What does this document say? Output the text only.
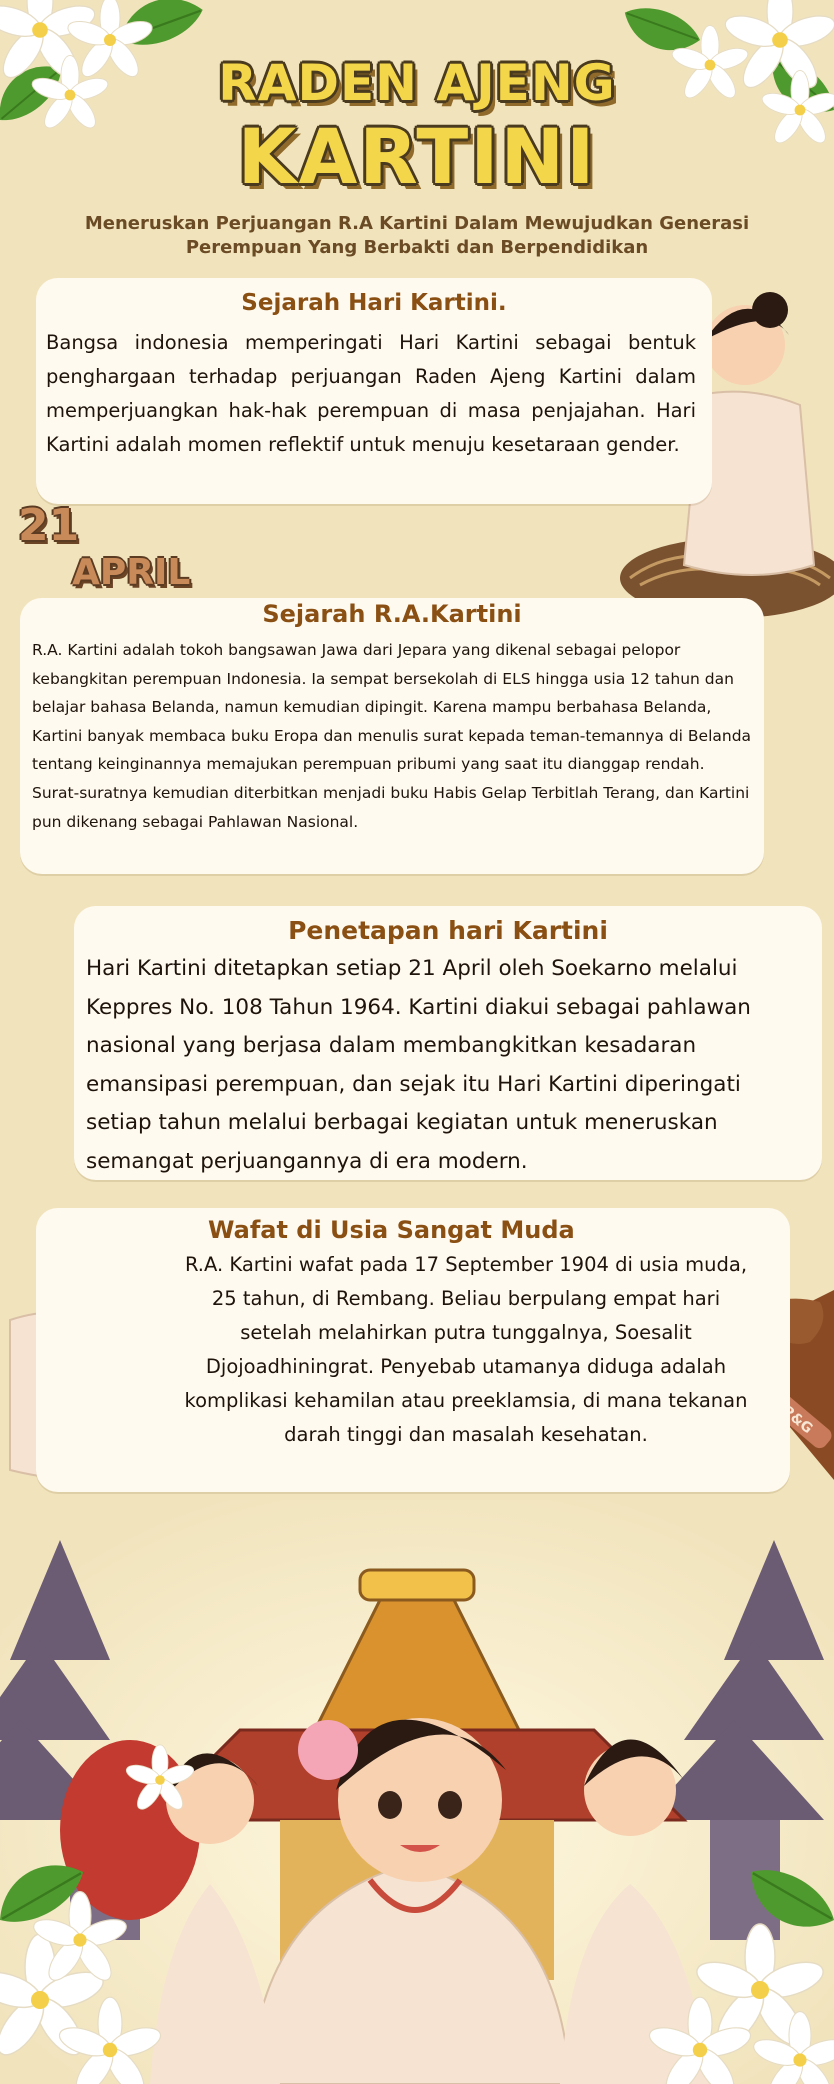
RADEN AJENG
KARTINI
Meneruskan Perjuangan R.A Kartini Dalam Mewujudkan Generasi Perempuan Yang Berbakti dan Berpendidikan
Sejarah Hari Kartini.
Bangsa indonesia memperingati Hari Kartini sebagai bentuk penghargaan terhadap perjuangan Raden Ajeng Kartini dalam memperjuangkan hak-hak perempuan di masa penjajahan. Hari Kartini adalah momen reflektif untuk menuju kesetaraan gender.
21
APRIL
Sejarah R.A.Kartini
R.A. Kartini adalah tokoh bangsawan Jawa dari Jepara yang dikenal sebagai pelopor kebangkitan perempuan Indonesia. Ia sempat bersekolah di ELS hingga usia 12 tahun dan belajar bahasa Belanda, namun kemudian dipingit. Karena mampu berbahasa Belanda, Kartini banyak membaca buku Eropa dan menulis surat kepada teman-temannya di Belanda tentang keinginannya memajukan perempuan pribumi yang saat itu dianggap rendah. Surat-suratnya kemudian diterbitkan menjadi buku Habis Gelap Terbitlah Terang, dan Kartini pun dikenang sebagai Pahlawan Nasional.
Penetapan hari Kartini
Hari Kartini ditetapkan setiap 21 April oleh Soekarno melalui Keppres No. 108 Tahun 1964. Kartini diakui sebagai pahlawan nasional yang berjasa dalam membangkitkan kesadaran emansipasi perempuan, dan sejak itu Hari Kartini diperingati setiap tahun melalui berbagai kegiatan untuk meneruskan semangat perjuangannya di era modern.
Wafat di Usia Sangat Muda
R.A. Kartini wafat pada 17 September 1904 di usia muda, 25 tahun, di Rembang. Beliau berpulang empat hari setelah melahirkan putra tunggalnya, Soesalit Djojoadhiningrat. Penyebab utamanya diduga adalah komplikasi kehamilan atau preeklamsia, di mana tekanan darah tinggi dan masalah kesehatan.
